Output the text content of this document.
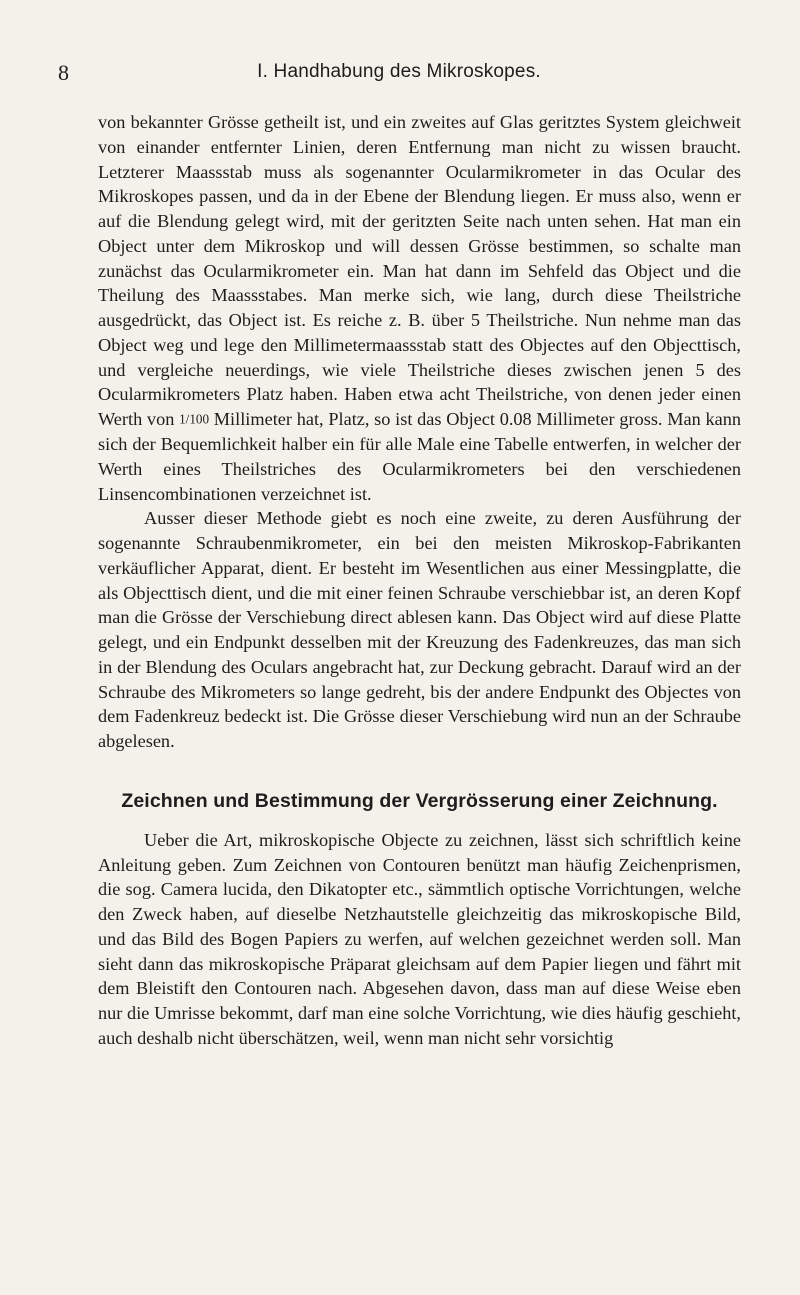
8	I. Handhabung des Mikroskopes.

von bekannter Grösse getheilt ist, und ein zweites auf Glas geritztes System gleichweit von einander entfernter Linien, deren Entfernung man nicht zu wissen braucht. Letzterer Maassstab muss als sogenannter Ocularmikrometer in das Ocular des Mikroskopes passen, und da in der Ebene der Blendung liegen. Er muss also, wenn er auf die Blendung gelegt wird, mit der geritzten Seite nach unten sehen. Hat man ein Object unter dem Mikroskop und will dessen Grösse bestimmen, so schalte man zunächst das Ocularmikrometer ein. Man hat dann im Sehfeld das Object und die Theilung des Maassstabes. Man merke sich, wie lang, durch diese Theilstriche ausgedrückt, das Object ist. Es reiche z. B. über 5 Theilstriche. Nun nehme man das Object weg und lege den Millimetermaassstab statt des Objectes auf den Objecttisch, und vergleiche neuerdings, wie viele Theilstriche dieses zwischen jenen 5 des Ocularmikrometers Platz haben. Haben etwa acht Theilstriche, von denen jeder einen Werth von 1/100 Millimeter hat, Platz, so ist das Object 0.08 Millimeter gross. Man kann sich der Bequemlichkeit halber ein für alle Male eine Tabelle entwerfen, in welcher der Werth eines Theilstriches des Ocularmikrometers bei den verschiedenen Linsencombinationen verzeichnet ist.

Ausser dieser Methode giebt es noch eine zweite, zu deren Ausführung der sogenannte Schraubenmikrometer, ein bei den meisten Mikroskop-Fabrikanten verkäuflicher Apparat, dient. Er besteht im Wesentlichen aus einer Messingplatte, die als Objecttisch dient, und die mit einer feinen Schraube verschiebbar ist, an deren Kopf man die Grösse der Verschiebung direct ablesen kann. Das Object wird auf diese Platte gelegt, und ein Endpunkt desselben mit der Kreuzung des Fadenkreuzes, das man sich in der Blendung des Oculars angebracht hat, zur Deckung gebracht. Darauf wird an der Schraube des Mikrometers so lange gedreht, bis der andere Endpunkt des Objectes von dem Fadenkreuz bedeckt ist. Die Grösse dieser Verschiebung wird nun an der Schraube abgelesen.

Zeichnen und Bestimmung der Vergrösserung einer Zeichnung.

Ueber die Art, mikroskopische Objecte zu zeichnen, lässt sich schriftlich keine Anleitung geben. Zum Zeichnen von Contouren benützt man häufig Zeichenprismen, die sog. Camera lucida, den Dikatopter etc., sämmtlich optische Vorrichtungen, welche den Zweck haben, auf dieselbe Netzhautstelle gleichzeitig das mikroskopische Bild, und das Bild des Bogen Papiers zu werfen, auf welchen gezeichnet werden soll. Man sieht dann das mikroskopische Präparat gleichsam auf dem Papier liegen und fährt mit dem Bleistift den Contouren nach. Abgesehen davon, dass man auf diese Weise eben nur die Umrisse bekommt, darf man eine solche Vorrichtung, wie dies häufig geschieht, auch deshalb nicht überschätzen, weil, wenn man nicht sehr vorsichtig
